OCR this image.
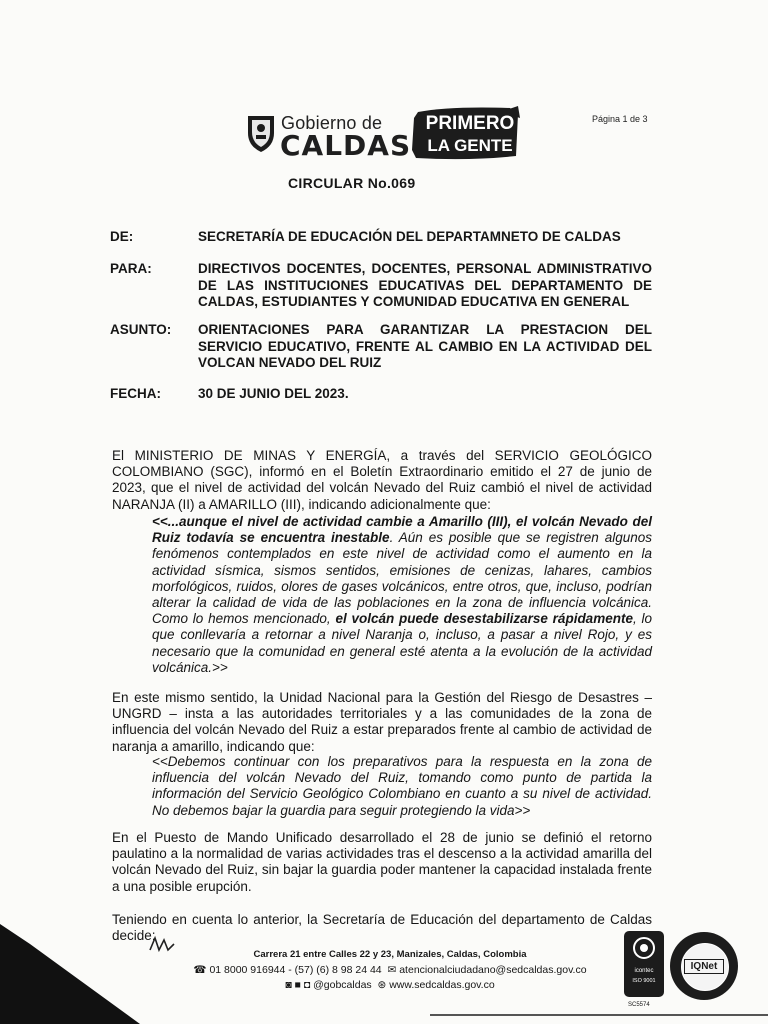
Gobierno de
CALDAS
PRIMERO
LA GENTE
Página 1 de 3
CIRCULAR No.069
DE:	SECRETARÍA DE EDUCACIÓN DEL DEPARTAMNETO DE CALDAS
PARA:	DIRECTIVOS DOCENTES, DOCENTES, PERSONAL ADMINISTRATIVO DE LAS INSTITUCIONES EDUCATIVAS DEL DEPARTAMENTO DE CALDAS, ESTUDIANTES Y COMUNIDAD EDUCATIVA EN GENERAL
ASUNTO: ORIENTACIONES PARA GARANTIZAR LA PRESTACION DEL SERVICIO EDUCATIVO, FRENTE AL CAMBIO EN LA ACTIVIDAD DEL VOLCAN NEVADO DEL RUIZ
FECHA:	30 DE JUNIO DEL 2023.
El MINISTERIO DE MINAS Y ENERGÍA, a través del SERVICIO GEOLÓGICO COLOMBIANO (SGC), informó en el Boletín Extraordinario emitido el 27 de junio de 2023, que el nivel de actividad del volcán Nevado del Ruiz cambió el nivel de actividad NARANJA (II) a AMARILLO (III), indicando adicionalmente que:
<<...aunque el nivel de actividad cambie a Amarillo (III), el volcán Nevado del Ruiz todavía se encuentra inestable. Aún es posible que se registren algunos fenómenos contemplados en este nivel de actividad como el aumento en la actividad sísmica, sismos sentidos, emisiones de cenizas, lahares, cambios morfológicos, ruidos, olores de gases volcánicos, entre otros, que, incluso, podrían alterar la calidad de vida de las poblaciones en la zona de influencia volcánica. Como lo hemos mencionado, el volcán puede desestabilizarse rápidamente, lo que conllevaría a retornar a nivel Naranja o, incluso, a pasar a nivel Rojo, y es necesario que la comunidad en general esté atenta a la evolución de la actividad volcánica.>>
En este mismo sentido, la Unidad Nacional para la Gestión del Riesgo de Desastres – UNGRD – insta a las autoridades territoriales y a las comunidades de la zona de influencia del volcán Nevado del Ruiz a estar preparados frente al cambio de actividad de naranja a amarillo, indicando que:
<<Debemos continuar con los preparativos para la respuesta en la zona de influencia del volcán Nevado del Ruiz, tomando como punto de partida la información del Servicio Geológico Colombiano en cuanto a su nivel de actividad. No debemos bajar la guardia para seguir protegiendo la vida>>
En el Puesto de Mando Unificado desarrollado el 28 de junio se definió el retorno paulatino a la normalidad de varias actividades tras el descenso a la actividad amarilla del volcán Nevado del Ruiz, sin bajar la guardia poder mantener la capacidad instalada frente a una posible erupción.
Teniendo en cuenta lo anterior, la Secretaría de Educación del departamento de Caldas decide:
Carrera 21 entre Calles 22 y 23, Manizales, Caldas, Colombia
☎ 01 8000 916944 - (57) (6) 8 98 24 44  ✉ atencionalciudadano@sedcaldas.gov.co
◙ ■ ◘ @gobcaldas  ⊛ www.sedcaldas.gov.co
icontec
ISO 9001
IQNet
SC5574
